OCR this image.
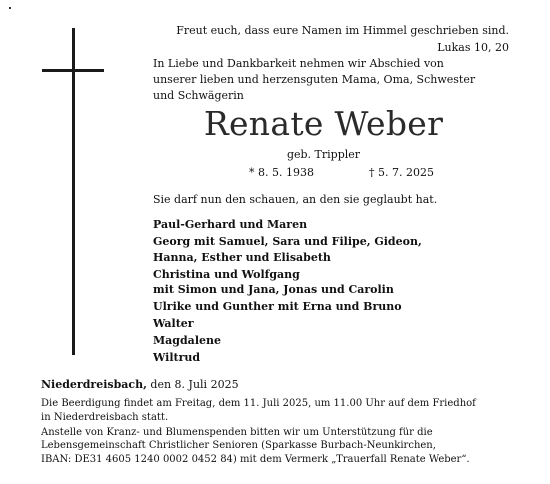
Freut euch, dass eure Namen im Himmel geschrieben sind.
Lukas 10, 20
In Liebe und Dankbarkeit nehmen wir Abschied von
unserer lieben und herzensguten Mama, Oma, Schwester
und Schwägerin
Renate Weber
geb. Trippler
* 8. 5. 1938	† 5. 7. 2025
Sie darf nun den schauen, an den sie geglaubt hat.
Paul-Gerhard und Maren
Georg mit Samuel, Sara und Filipe, Gideon,
Hanna, Esther und Elisabeth
Christina und Wolfgang
mit Simon und Jana, Jonas und Carolin
Ulrike und Gunther mit Erna und Bruno
Walter
Magdalene
Wiltrud
Niederdreisbach, den 8. Juli 2025
Die Beerdigung findet am Freitag, dem 11. Juli 2025, um 11.00 Uhr auf dem Friedhof
in Niederdreisbach statt.
Anstelle von Kranz- und Blumenspenden bitten wir um Unterstützung für die
Lebensgemeinschaft Christlicher Senioren (Sparkasse Burbach-Neunkirchen,
IBAN: DE31 4605 1240 0002 0452 84) mit dem Vermerk „Trauerfall Renate Weber“.
